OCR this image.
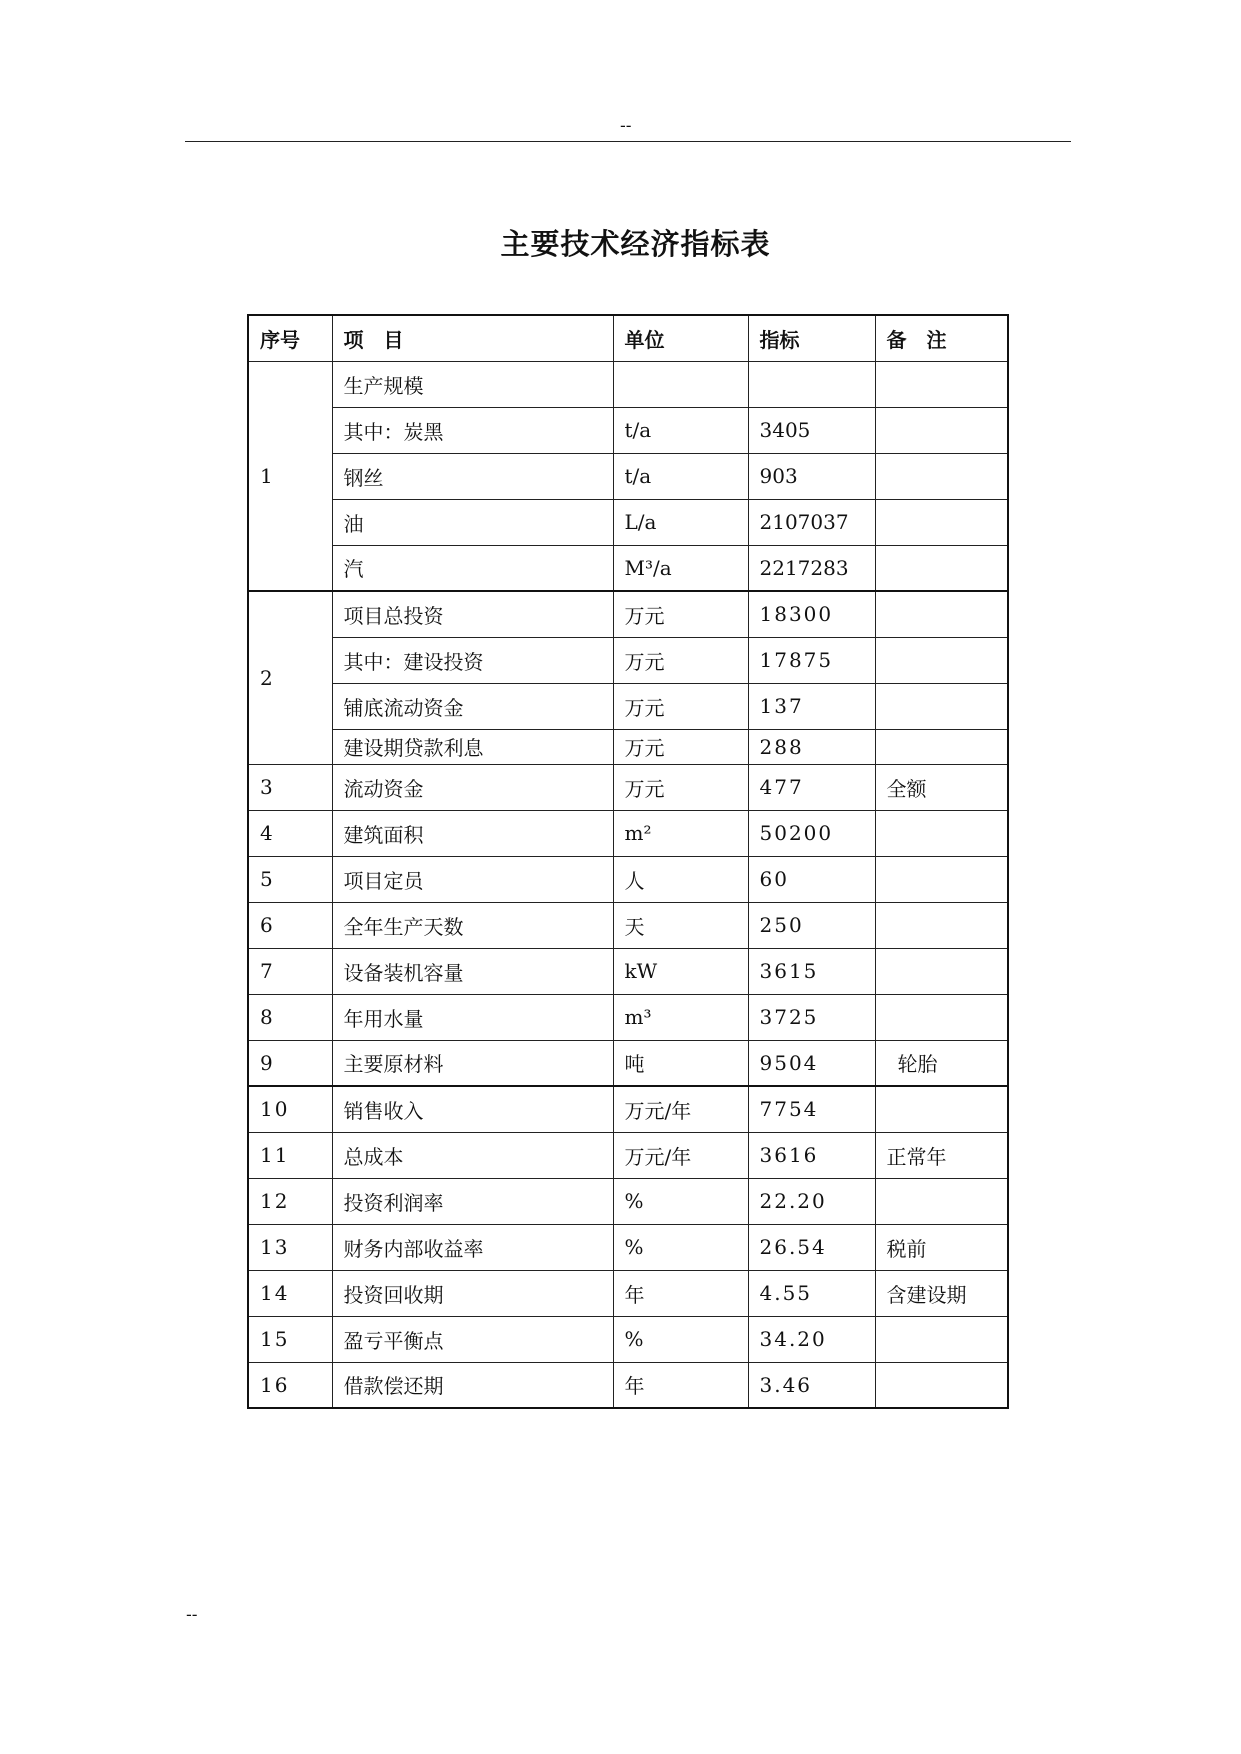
--
主要技术经济指标表
序号	项　目	单位	指标	备　注
1	生产规模			
	其中：炭黑	t/a	3405	
	钢丝	t/a	903	
	油	L/a	2107037	
	汽	M³/a	2217283	
2	项目总投资	万元	18300	
	其中：建设投资	万元	17875	
	铺底流动资金	万元	137	
	建设期贷款利息	万元	288	
3	流动资金	万元	477	全额
4	建筑面积	m²	50200	
5	项目定员	人	60	
6	全年生产天数	天	250	
7	设备装机容量	kW	3615	
8	年用水量	m³	3725	
9	主要原材料	吨	9504	轮胎
10	销售收入	万元/年	7754	
11	总成本	万元/年	3616	正常年
12	投资利润率	%	22.20	
13	财务内部收益率	%	26.54	税前
14	投资回收期	年	4.55	含建设期
15	盈亏平衡点	%	34.20	
16	借款偿还期	年	3.46	
--
